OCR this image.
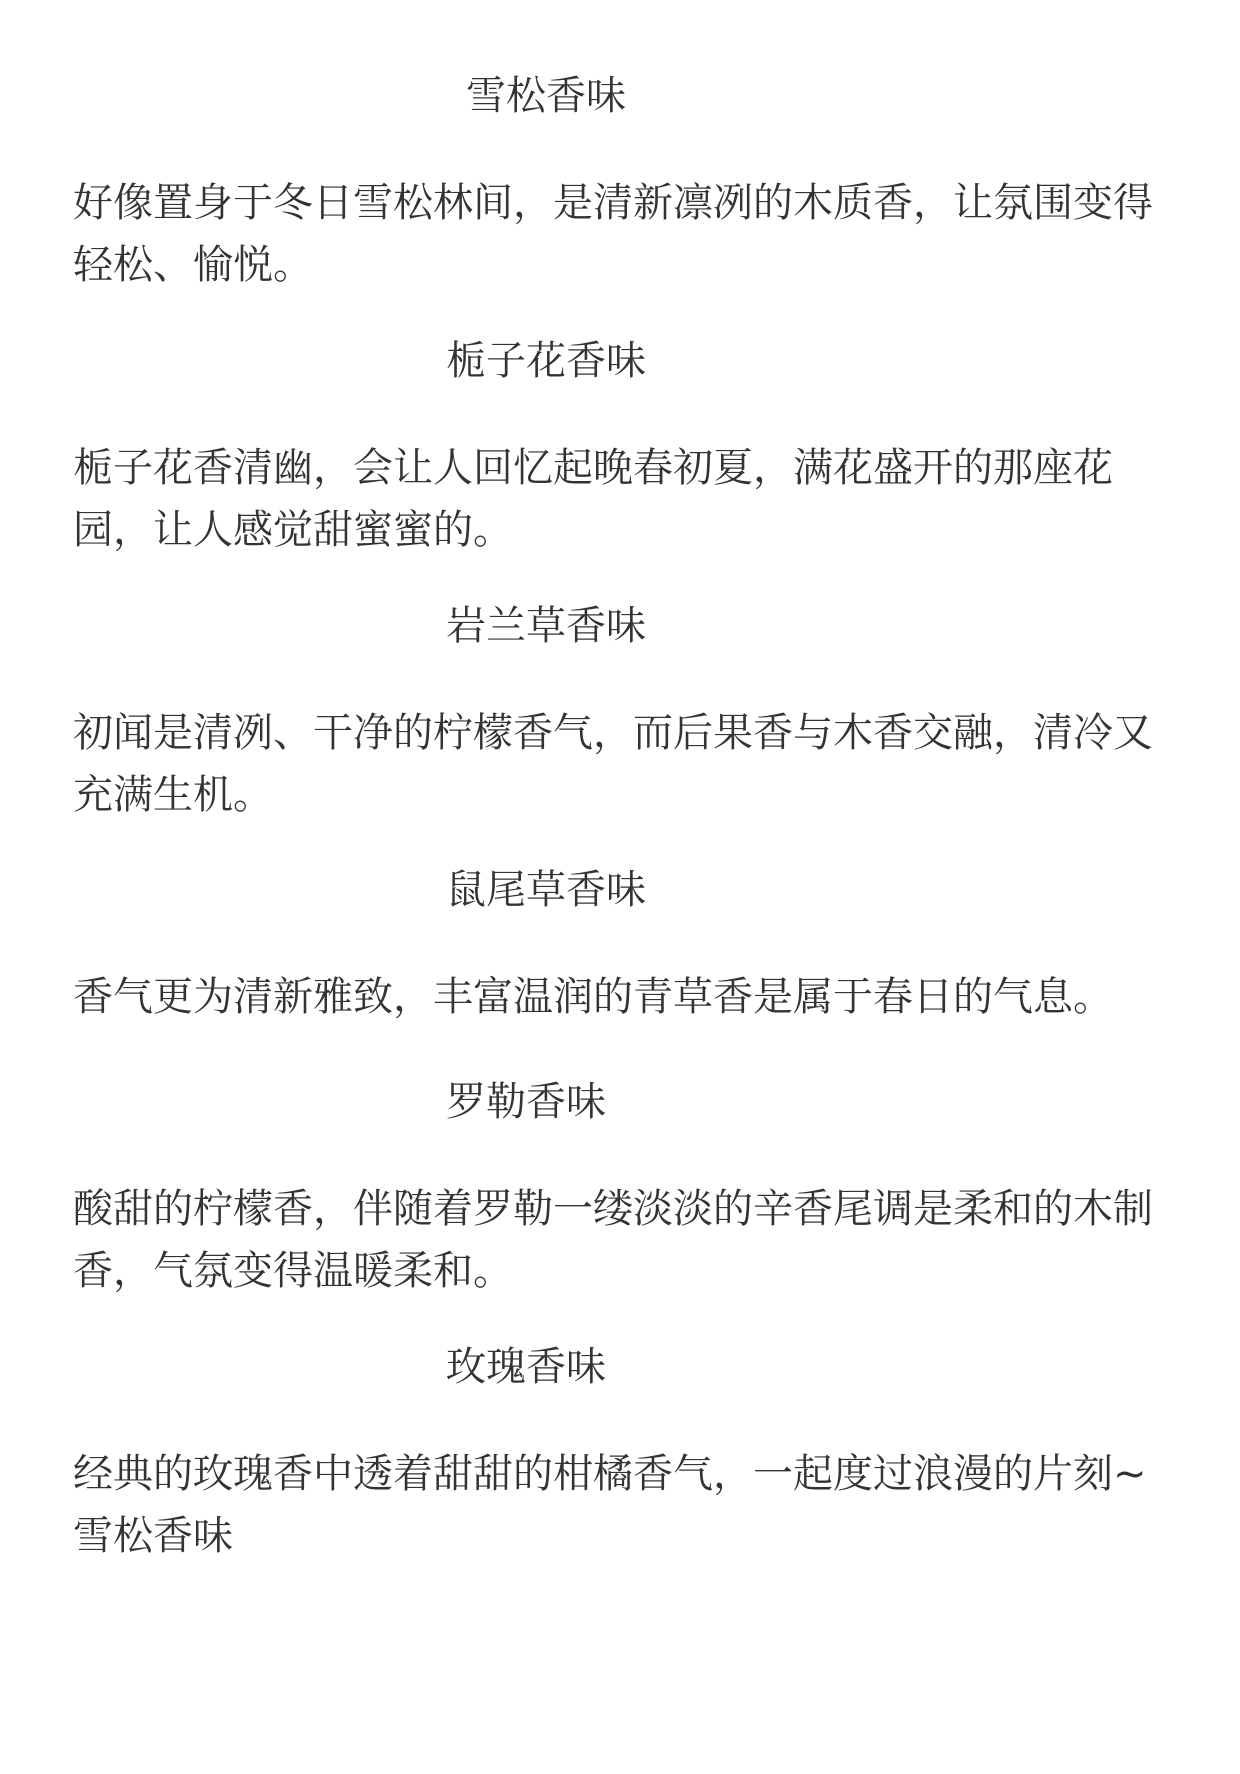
雪松香味

好像置身于冬日雪松林间，是清新凛冽的木质香，让氛围变得轻松、愉悦。

栀子花香味

栀子花香清幽，会让人回忆起晚春初夏，满花盛开的那座花园，让人感觉甜蜜蜜的。

岩兰草香味

初闻是清冽、干净的柠檬香气，而后果香与木香交融，清冷又充满生机。

鼠尾草香味

香气更为清新雅致，丰富温润的青草香是属于春日的气息。

罗勒香味

酸甜的柠檬香，伴随着罗勒一缕淡淡的辛香尾调是柔和的木制香，气氛变得温暖柔和。

玫瑰香味

经典的玫瑰香中透着甜甜的柑橘香气，一起度过浪漫的片刻~雪松香味
